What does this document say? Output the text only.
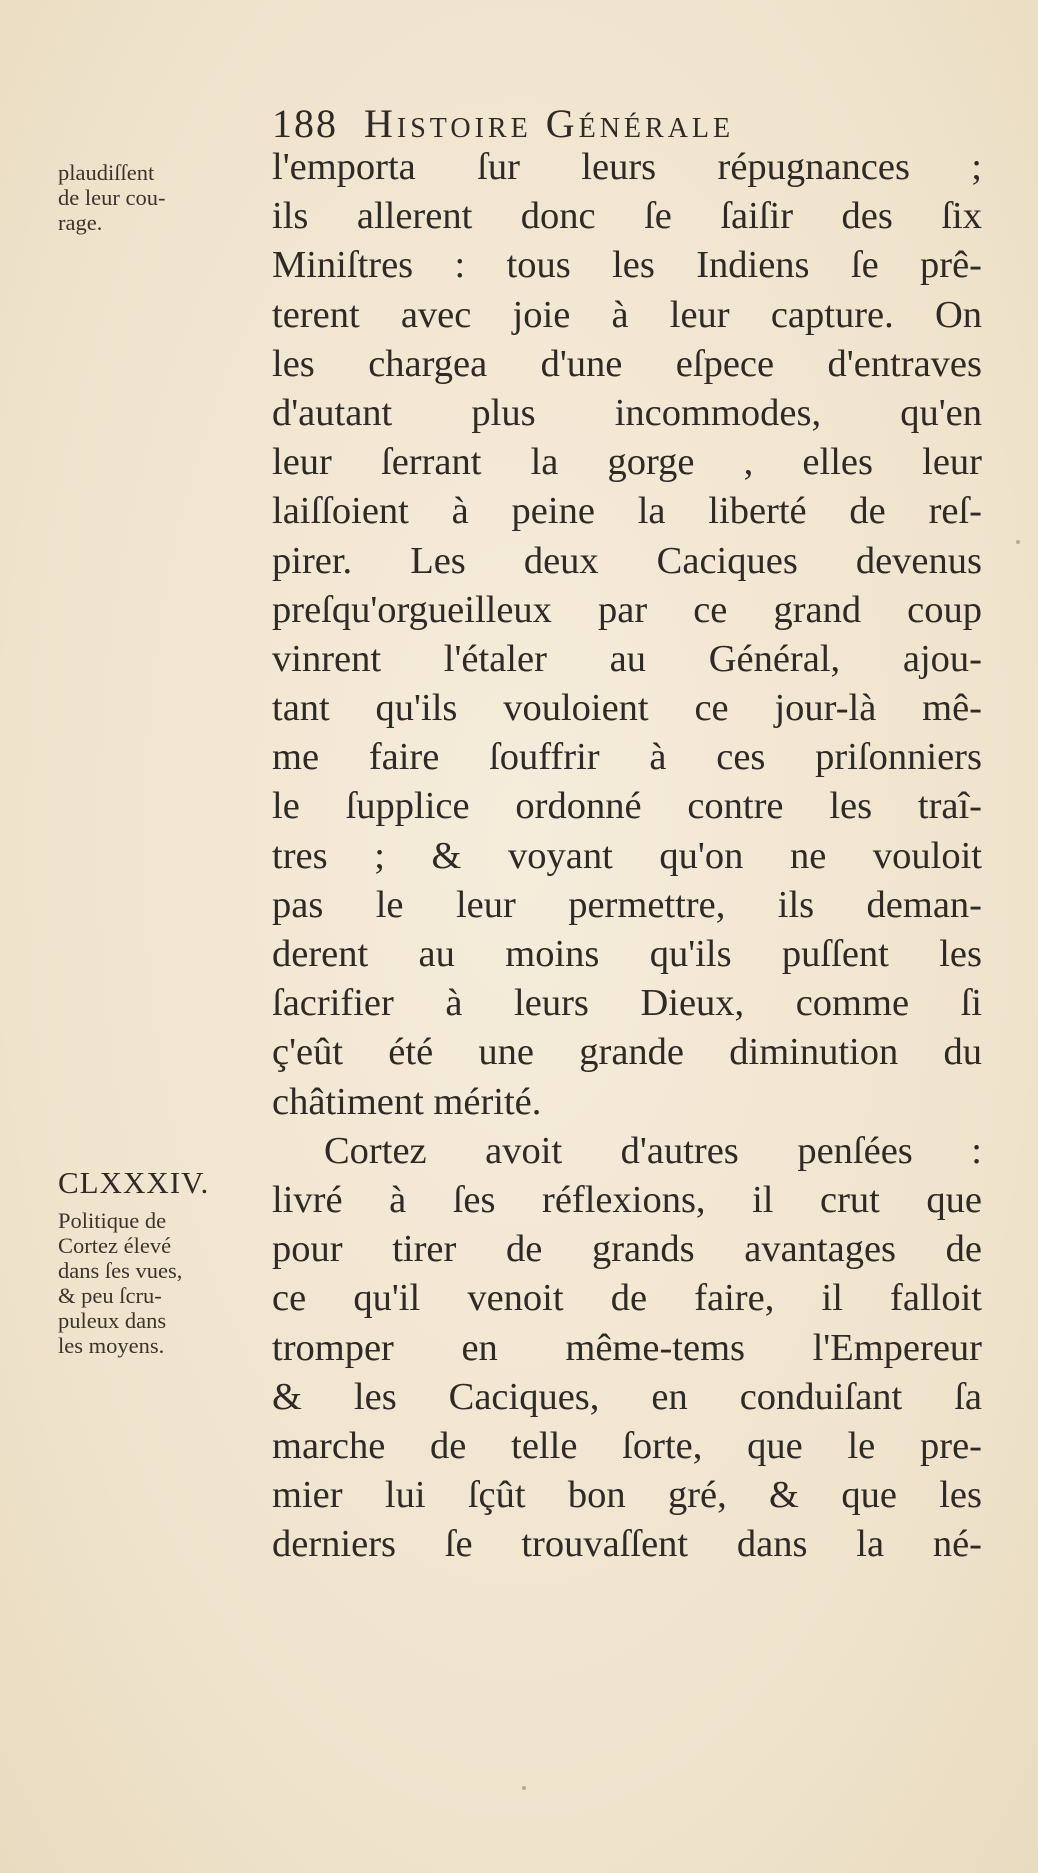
188 Histoire Générale
plaudiſſent
de leur cou-
rage.
CLXXXIV.
Politique de
Cortez élevé
dans ſes vues,
& peu ſcru-
puleux dans
les moyens.
l'emporta ſur leurs répugnances ;
ils allerent donc ſe ſaiſir des ſix
Miniſtres : tous les Indiens ſe prê-
terent avec joie à leur capture. On
les chargea d'une eſpece d'entraves
d'autant plus incommodes, qu'en
leur ſerrant la gorge , elles leur
laiſſoient à peine la liberté de reſ-
pirer. Les deux Caciques devenus
preſqu'orgueilleux par ce grand coup
vinrent l'étaler au Général, ajou-
tant qu'ils vouloient ce jour-là mê-
me faire ſouffrir à ces priſonniers
le ſupplice ordonné contre les traî-
tres ; & voyant qu'on ne vouloit
pas le leur permettre, ils deman-
derent au moins qu'ils puſſent les
ſacrifier à leurs Dieux, comme ſi
ç'eût été une grande diminution du
châtiment mérité.
Cortez avoit d'autres penſées :
livré à ſes réflexions, il crut que
pour tirer de grands avantages de
ce qu'il venoit de faire, il falloit
tromper en même-tems l'Empereur
& les Caciques, en conduiſant ſa
marche de telle ſorte, que le pre-
mier lui ſçût bon gré, & que les
derniers ſe trouvaſſent dans la né-
